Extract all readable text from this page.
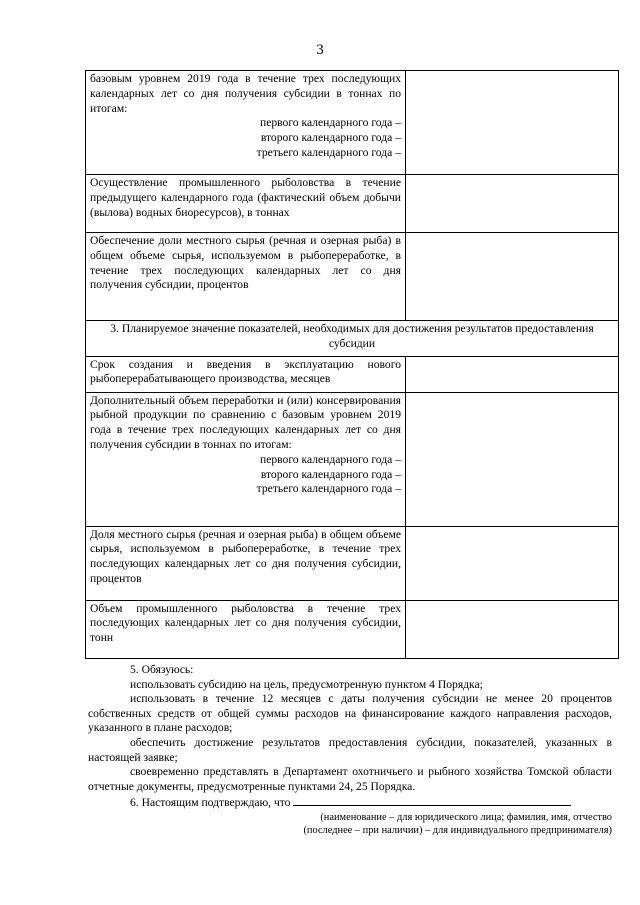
3
базовым уровнем 2019 года в течение трех последующих календарных лет со дня получения субсидии в тоннах по итогам:
первого календарного года –
второго календарного года –
третьего календарного года –	

Осуществление промышленного рыболовства в течение предыдущего календарного года (фактический объем добычи (вылова) водных биоресурсов), в тоннах	

Обеспечение доли местного сырья (речная и озерная рыба) в общем объеме сырья, используемом в рыбопереработке, в течение трех последующих календарных лет со дня получения субсидии, процентов	

3. Планируемое значение показателей, необходимых для достижения результатов предоставления субсидии	

Срок создания и введения в эксплуатацию нового рыбоперерабатывающего производства, месяцев	

Дополнительный объем переработки и (или) консервирования рыбной продукции по сравнению с базовым уровнем 2019 года в течение трех последующих календарных лет со дня получения субсидии в тоннах по итогам:
первого календарного года –
второго календарного года –
третьего календарного года –	

Доля местного сырья (речная и озерная рыба) в общем объеме сырья, используемом в рыбопереработке, в течение трех последующих календарных лет со дня получения субсидии, процентов	

Объем промышленного рыболовства в течение трех последующих календарных лет со дня получения субсидии, тонн	

5. Обязуюсь:

использовать субсидию на цель, предусмотренную пунктом 4 Порядка;

использовать в течение 12 месяцев с даты получения субсидии не менее 20 процентов собственных средств от общей суммы расходов на финансирование каждого направления расходов, указанного в плане расходов;

обеспечить достижение результатов предоставления субсидии, показателей, указанных в настоящей заявке;

своевременно представлять в Департамент охотничьего и рыбного хозяйства Томской области отчетные документы, предусмотренные пунктами 24, 25 Порядка.

6. Настоящим подтверждаю, что

(наименование – для юридического лица; фамилия, имя, отчество
(последнее – при наличии) – для индивидуального предпринимателя)
